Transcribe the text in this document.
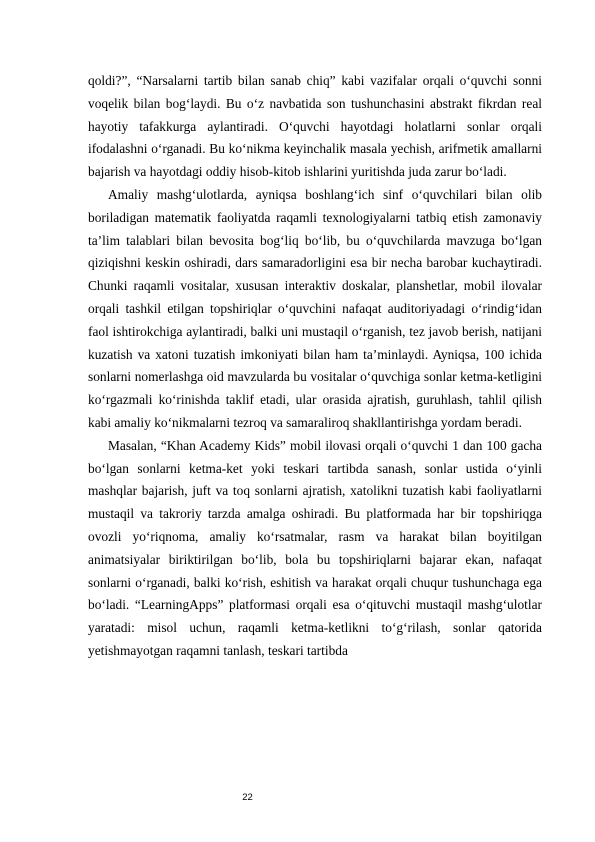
qoldi?”, “Narsalarni tartib bilan sanab chiq” kabi vazifalar orqali o‘quvchi sonni voqelik bilan bog‘laydi. Bu o‘z navbatida son tushunchasini abstrakt fikrdan real hayotiy tafakkurga aylantiradi. O‘quvchi hayotdagi holatlarni sonlar orqali ifodalashni o‘rganadi. Bu ko‘nikma keyinchalik masala yechish, arifmetik amallarni bajarish va hayotdagi oddiy hisob-kitob ishlarini yuritishda juda zarur bo‘ladi.

Amaliy mashg‘ulotlarda, ayniqsa boshlang‘ich sinf o‘quvchilari bilan olib boriladigan matematik faoliyatda raqamli texnologiyalarni tatbiq etish zamonaviy ta’lim talablari bilan bevosita bog‘liq bo‘lib, bu o‘quvchilarda mavzuga bo‘lgan qiziqishni keskin oshiradi, dars samaradorligini esa bir necha barobar kuchaytiradi. Chunki raqamli vositalar, xususan interaktiv doskalar, planshetlar, mobil ilovalar orqali tashkil etilgan topshiriqlar o‘quvchini nafaqat auditoriyadagi o‘rindig‘idan faol ishtirokchiga aylantiradi, balki uni mustaqil o‘rganish, tez javob berish, natijani kuzatish va xatoni tuzatish imkoniyati bilan ham ta’minlaydi. Ayniqsa, 100 ichida sonlarni nomerlashga oid mavzularda bu vositalar o‘quvchiga sonlar ketma-ketligini ko‘rgazmali ko‘rinishda taklif etadi, ular orasida ajratish, guruhlash, tahlil qilish kabi amaliy ko‘nikmalarni tezroq va samaraliroq shakllantirishga yordam beradi.

Masalan, “Khan Academy Kids” mobil ilovasi orqali o‘quvchi 1 dan 100 gacha bo‘lgan sonlarni ketma-ket yoki teskari tartibda sanash, sonlar ustida o‘yinli mashqlar bajarish, juft va toq sonlarni ajratish, xatolikni tuzatish kabi faoliyatlarni mustaqil va takroriy tarzda amalga oshiradi. Bu platformada har bir topshiriqga ovozli yo‘riqnoma, amaliy ko‘rsatmalar, rasm va harakat bilan boyitilgan animatsiyalar biriktirilgan bo‘lib, bola bu topshiriqlarni bajarar ekan, nafaqat sonlarni o‘rganadi, balki ko‘rish, eshitish va harakat orqali chuqur tushunchaga ega bo‘ladi. “LearningApps” platformasi orqali esa o‘qituvchi mustaqil mashg‘ulotlar yaratadi: misol uchun, raqamli ketma-ketlikni to‘g‘rilash, sonlar qatorida yetishmayotgan raqamni tanlash, teskari tartibda

22
